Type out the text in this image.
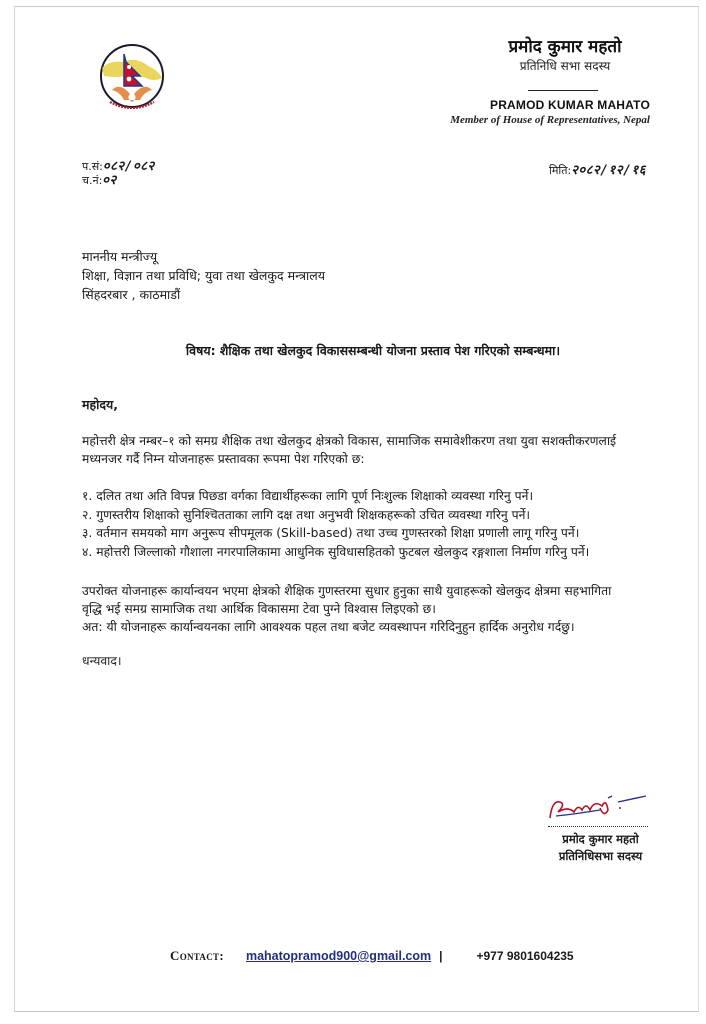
प्रमोद कुमार महतो
प्रतिनिधि सभा सदस्य
PRAMOD KUMAR MAHATO
Member of House of Representatives, Nepal
प.सं:०८२/०८२
च.नं:०२
मिति:२०८२/१२/१६
माननीय मन्त्रीज्यू
शिक्षा, विज्ञान तथा प्रविधि; युवा तथा खेलकुद मन्त्रालय
सिंहदरबार , काठमाडौं
विषय: शैक्षिक तथा खेलकुद विकाससम्बन्धी योजना प्रस्ताव पेश गरिएको सम्बन्धमा।
महोदय,
महोत्तरी क्षेत्र नम्बर–१ को समग्र शैक्षिक तथा खेलकुद क्षेत्रको विकास, सामाजिक समावेशीकरण तथा युवा सशक्तीकरणलाई
मध्यनजर गर्दै निम्न योजनाहरू प्रस्तावका रूपमा पेश गरिएको छ:
१. दलित तथा अति विपन्न पिछडा वर्गका विद्यार्थीहरूका लागि पूर्ण निःशुल्क शिक्षाको व्यवस्था गरिनु पर्ने।
२. गुणस्तरीय शिक्षाको सुनिश्चितताका लागि दक्ष तथा अनुभवी शिक्षकहरूको उचित व्यवस्था गरिनु पर्ने।
३. वर्तमान समयको माग अनुरूप सीपमूलक (Skill-based) तथा उच्च गुणस्तरको शिक्षा प्रणाली लागू गरिनु पर्ने।
४. महोत्तरी जिल्लाको गौशाला नगरपालिकामा आधुनिक सुविधासहितको फुटबल खेलकुद रङ्गशाला निर्माण गरिनु पर्ने।
उपरोक्त योजनाहरू कार्यान्वयन भएमा क्षेत्रको शैक्षिक गुणस्तरमा सुधार हुनुका साथै युवाहरूको खेलकुद क्षेत्रमा सहभागिता
वृद्धि भई समग्र सामाजिक तथा आर्थिक विकासमा टेवा पुग्ने विश्वास लिइएको छ।
अत: यी योजनाहरू कार्यान्वयनका लागि आवश्यक पहल तथा बजेट व्यवस्थापन गरिदिनुहुन हार्दिक अनुरोध गर्दछु।
धन्यवाद।
प्रमोद कुमार महतो
प्रतिनिधिसभा सदस्य
Contact: mahatopramod900@gmail.com |	+977 9801604235
